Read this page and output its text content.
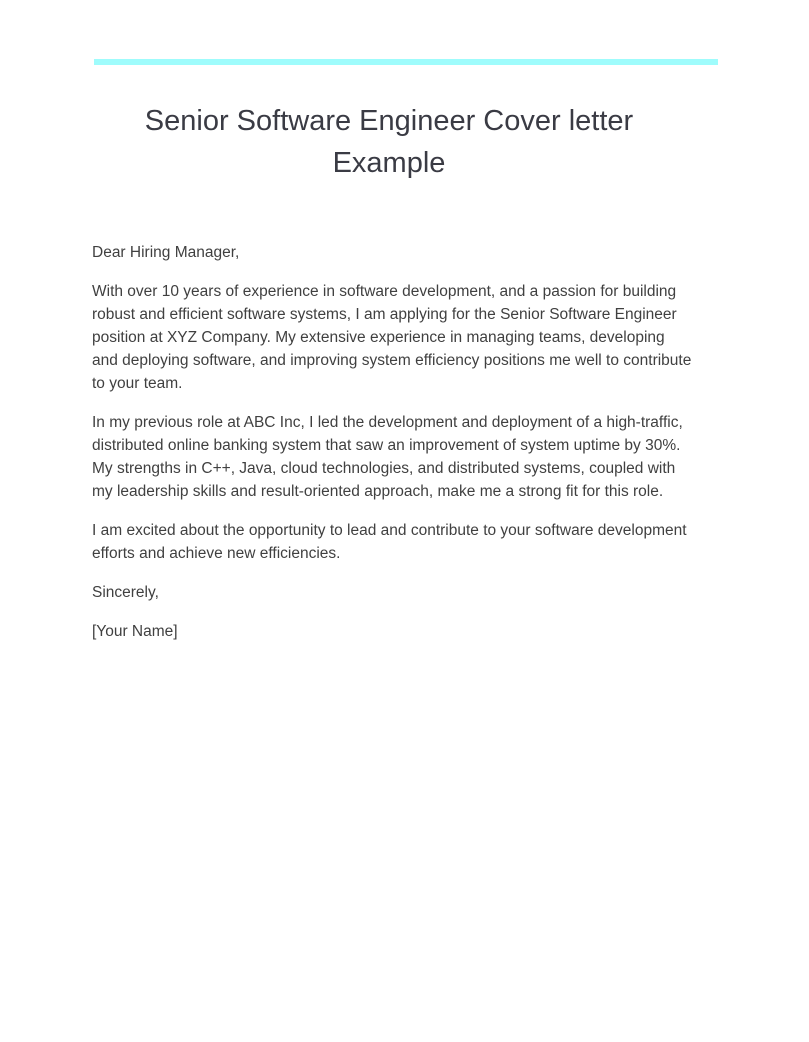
Senior Software Engineer Cover letter Example

Dear Hiring Manager,

With over 10 years of experience in software development, and a passion for building robust and efficient software systems, I am applying for the Senior Software Engineer position at XYZ Company. My extensive experience in managing teams, developing and deploying software, and improving system efficiency positions me well to contribute to your team.

In my previous role at ABC Inc, I led the development and deployment of a high-traffic, distributed online banking system that saw an improvement of system uptime by 30%. My strengths in C++, Java, cloud technologies, and distributed systems, coupled with my leadership skills and result-oriented approach, make me a strong fit for this role.

I am excited about the opportunity to lead and contribute to your software development efforts and achieve new efficiencies.

Sincerely,

[Your Name]
